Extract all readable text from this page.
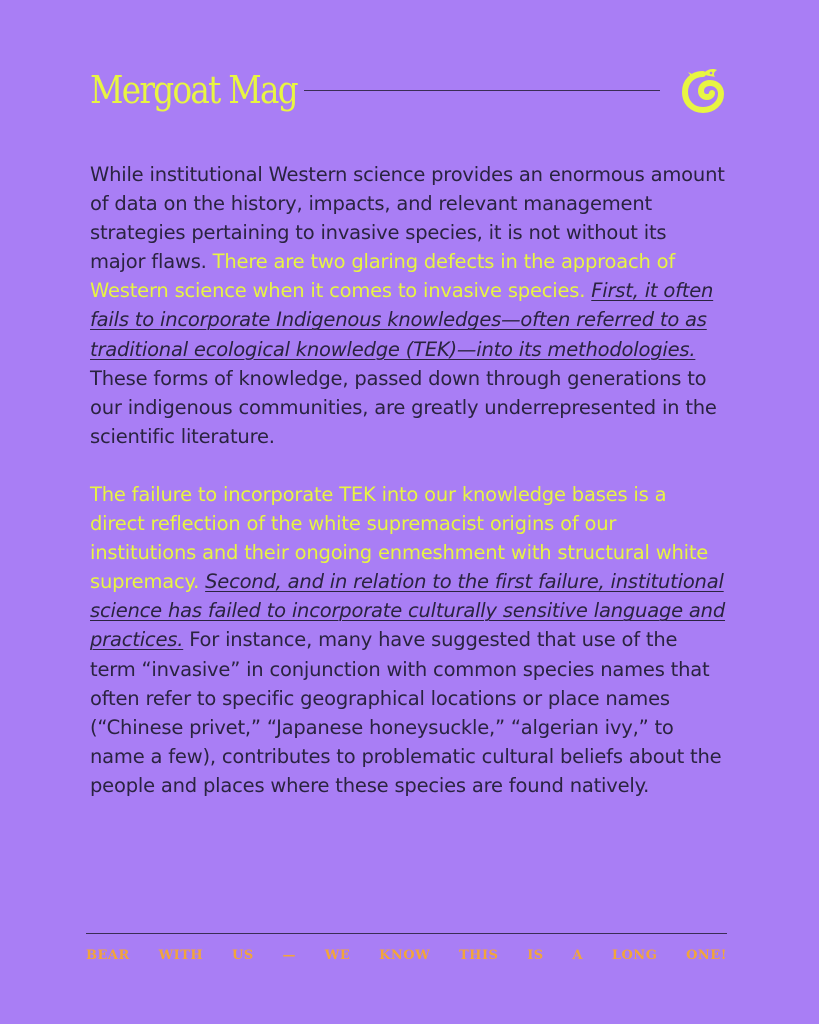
Mergoat Mag

While institutional Western science provides an enormous amount of data on the history, impacts, and relevant management strategies pertaining to invasive species, it is not without its major flaws. There are two glaring defects in the approach of Western science when it comes to invasive species. First, it often fails to incorporate Indigenous knowledges—often referred to as traditional ecological knowledge (TEK)—into its methodologies. These forms of knowledge, passed down through generations to our indigenous communities, are greatly underrepresented in the scientific literature.

The failure to incorporate TEK into our knowledge bases is a direct reflection of the white supremacist origins of our institutions and their ongoing enmeshment with structural white supremacy. Second, and in relation to the first failure, institutional science has failed to incorporate culturally sensitive language and practices. For instance, many have suggested that use of the term “invasive” in conjunction with common species names that often refer to specific geographical locations or place names (“Chinese privet,” “Japanese honeysuckle,” “algerian ivy,” to name a few), contributes to problematic cultural beliefs about the people and places where these species are found natively.

BEAR WITH US — WE KNOW THIS IS A LONG ONE!
